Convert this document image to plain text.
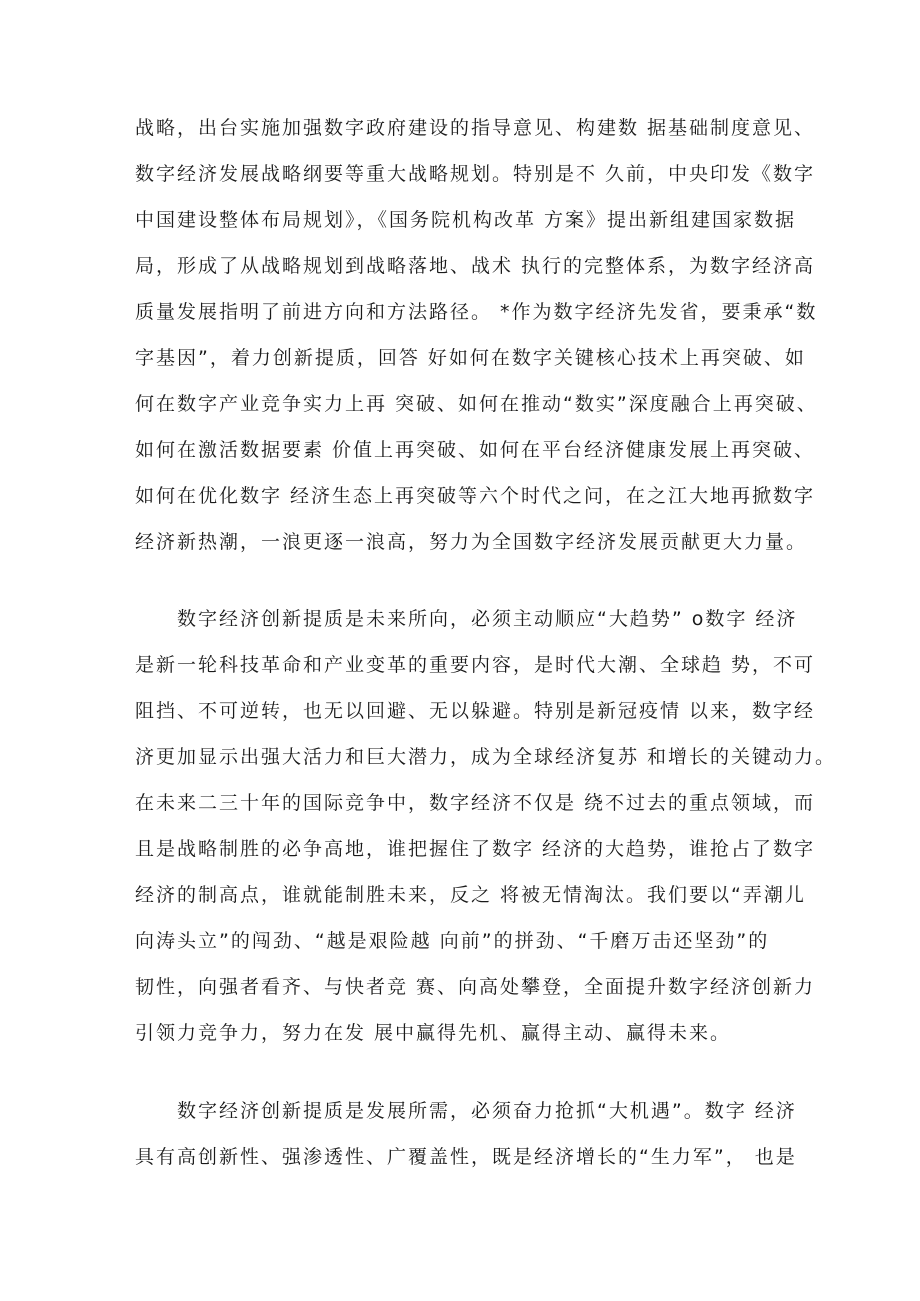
战略，出台实施加强数字政府建设的指导意见、构建数 据基础制度意见、
数字经济发展战略纲要等重大战略规划。特别是不 久前，中央印发《数字
中国建设整体布局规划》，《国务院机构改革 方案》提出新组建国家数据
局，形成了从战略规划到战略落地、战术 执行的完整体系，为数字经济高
质量发展指明了前进方向和方法路径。 *作为数字经济先发省，要秉承“数
字基因”，着力创新提质，回答 好如何在数字关键核心技术上再突破、如
何在数字产业竞争实力上再 突破、如何在推动“数实”深度融合上再突破、
如何在激活数据要素 价值上再突破、如何在平台经济健康发展上再突破、
如何在优化数字 经济生态上再突破等六个时代之问，在之江大地再掀数字
经济新热潮，一浪更逐一浪高，努力为全国数字经济发展贡献更大力量。
　　数字经济创新提质是未来所向，必须主动顺应“大趋势” o数字 经济
是新一轮科技革命和产业变革的重要内容，是时代大潮、全球趋 势，不可
阻挡、不可逆转，也无以回避、无以躲避。特别是新冠疫情 以来，数字经
济更加显示出强大活力和巨大潜力，成为全球经济复苏 和增长的关键动力。
在未来二三十年的国际竞争中，数字经济不仅是 绕不过去的重点领域，而
且是战略制胜的必争高地，谁把握住了数字 经济的大趋势，谁抢占了数字
经济的制高点，谁就能制胜未来，反之 将被无情淘汰。我们要以“弄潮儿
向涛头立”的闯劲、“越是艰险越 向前”的拼劲、“千磨万击还坚劲”的
韧性，向强者看齐、与快者竞 赛、向高处攀登，全面提升数字经济创新力
引领力竞争力，努力在发 展中赢得先机、赢得主动、赢得未来。
　　数字经济创新提质是发展所需，必须奋力抢抓“大机遇”。数字 经济
具有高创新性、强渗透性、广覆盖性，既是经济增长的“生力军”， 也是
